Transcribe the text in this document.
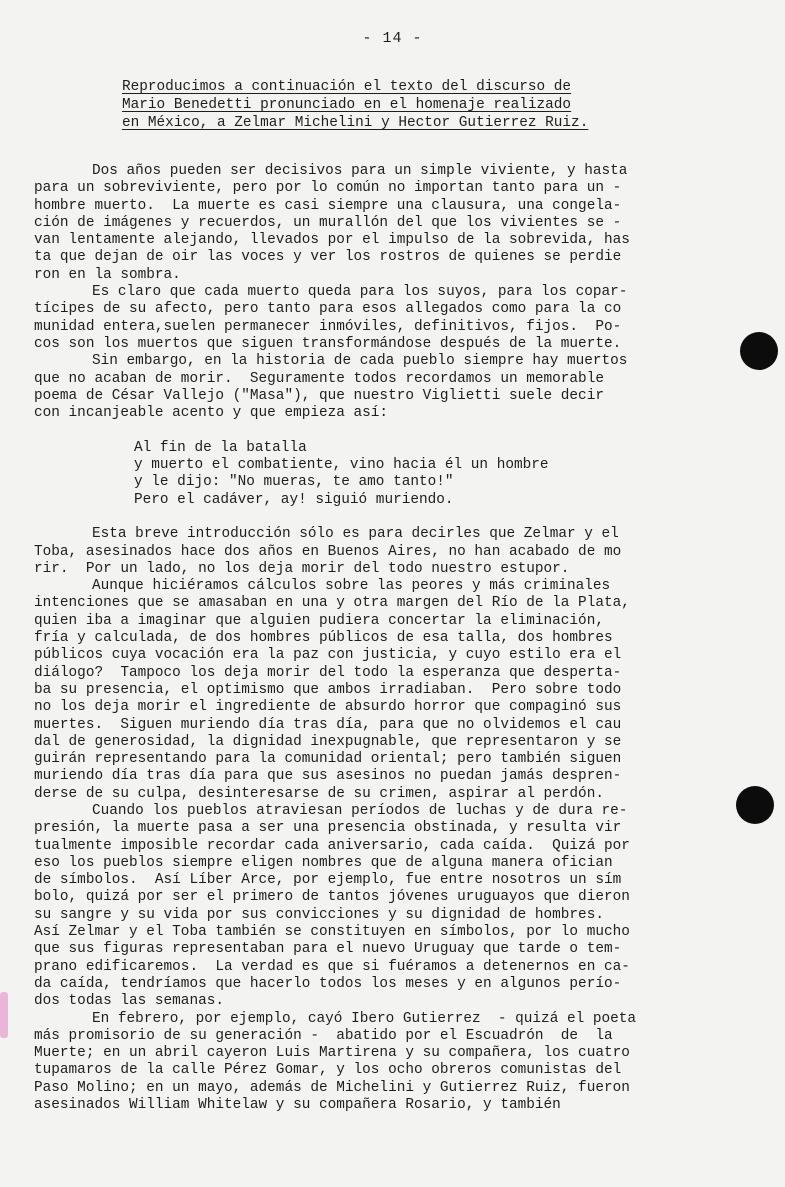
- 14 -
Reproducimos a continuación el texto del discurso de
Mario Benedetti pronunciado en el homenaje realizado
en México, a Zelmar Michelini y Hector Gutierrez Ruiz.
Dos años pueden ser decisivos para un simple viviente, y hasta
para un sobreviviente, pero por lo común no importan tanto para un -
hombre muerto.  La muerte es casi siempre una clausura, una congela-
ción de imágenes y recuerdos, un murallón del que los vivientes se -
van lentamente alejando, llevados por el impulso de la sobrevida, has
ta que dejan de oir las voces y ver los rostros de quienes se perdie
ron en la sombra.
Es claro que cada muerto queda para los suyos, para los copar-
tícipes de su afecto, pero tanto para esos allegados como para la co
munidad entera,suelen permanecer inmóviles, definitivos, fijos.  Po-
cos son los muertos que siguen transformándose después de la muerte.
Sin embargo, en la historia de cada pueblo siempre hay muertos
que no acaban de morir.  Seguramente todos recordamos un memorable
poema de César Vallejo ("Masa"), que nuestro Viglietti suele decir
con incanjeable acento y que empieza así:
Al fin de la batalla
y muerto el combatiente, vino hacia él un hombre
y le dijo: "No mueras, te amo tanto!"
Pero el cadáver, ay! siguió muriendo.
Esta breve introducción sólo es para decirles que Zelmar y el
Toba, asesinados hace dos años en Buenos Aires, no han acabado de mo
rir.  Por un lado, no los deja morir del todo nuestro estupor.
Aunque hiciéramos cálculos sobre las peores y más criminales
intenciones que se amasaban en una y otra margen del Río de la Plata,
quien iba a imaginar que alguien pudiera concertar la eliminación,
fría y calculada, de dos hombres públicos de esa talla, dos hombres
públicos cuya vocación era la paz con justicia, y cuyo estilo era el
diálogo?  Tampoco los deja morir del todo la esperanza que desperta-
ba su presencia, el optimismo que ambos irradiaban.  Pero sobre todo
no los deja morir el ingrediente de absurdo horror que compaginó sus
muertes.  Siguen muriendo día tras día, para que no olvidemos el cau
dal de generosidad, la dignidad inexpugnable, que representaron y se
guirán representando para la comunidad oriental; pero también siguen
muriendo día tras día para que sus asesinos no puedan jamás despren-
derse de su culpa, desinteresarse de su crimen, aspirar al perdón.
Cuando los pueblos atraviesan períodos de luchas y de dura re-
presión, la muerte pasa a ser una presencia obstinada, y resulta vir
tualmente imposible recordar cada aniversario, cada caída.  Quizá por
eso los pueblos siempre eligen nombres que de alguna manera ofician
de símbolos.  Así Líber Arce, por ejemplo, fue entre nosotros un sím
bolo, quizá por ser el primero de tantos jóvenes uruguayos que dieron
su sangre y su vida por sus convicciones y su dignidad de hombres.
Así Zelmar y el Toba también se constituyen en símbolos, por lo mucho
que sus figuras representaban para el nuevo Uruguay que tarde o tem-
prano edificaremos.  La verdad es que si fuéramos a detenernos en ca-
da caída, tendríamos que hacerlo todos los meses y en algunos perío-
dos todas las semanas.
En febrero, por ejemplo, cayó Ibero Gutierrez  - quizá el poeta
más promisorio de su generación -  abatido por el Escuadrón  de  la
Muerte; en un abril cayeron Luis Martirena y su compañera, los cuatro
tupamaros de la calle Pérez Gomar, y los ocho obreros comunistas del
Paso Molino; en un mayo, además de Michelini y Gutierrez Ruiz, fueron
asesinados William Whitelaw y su compañera Rosario, y también
